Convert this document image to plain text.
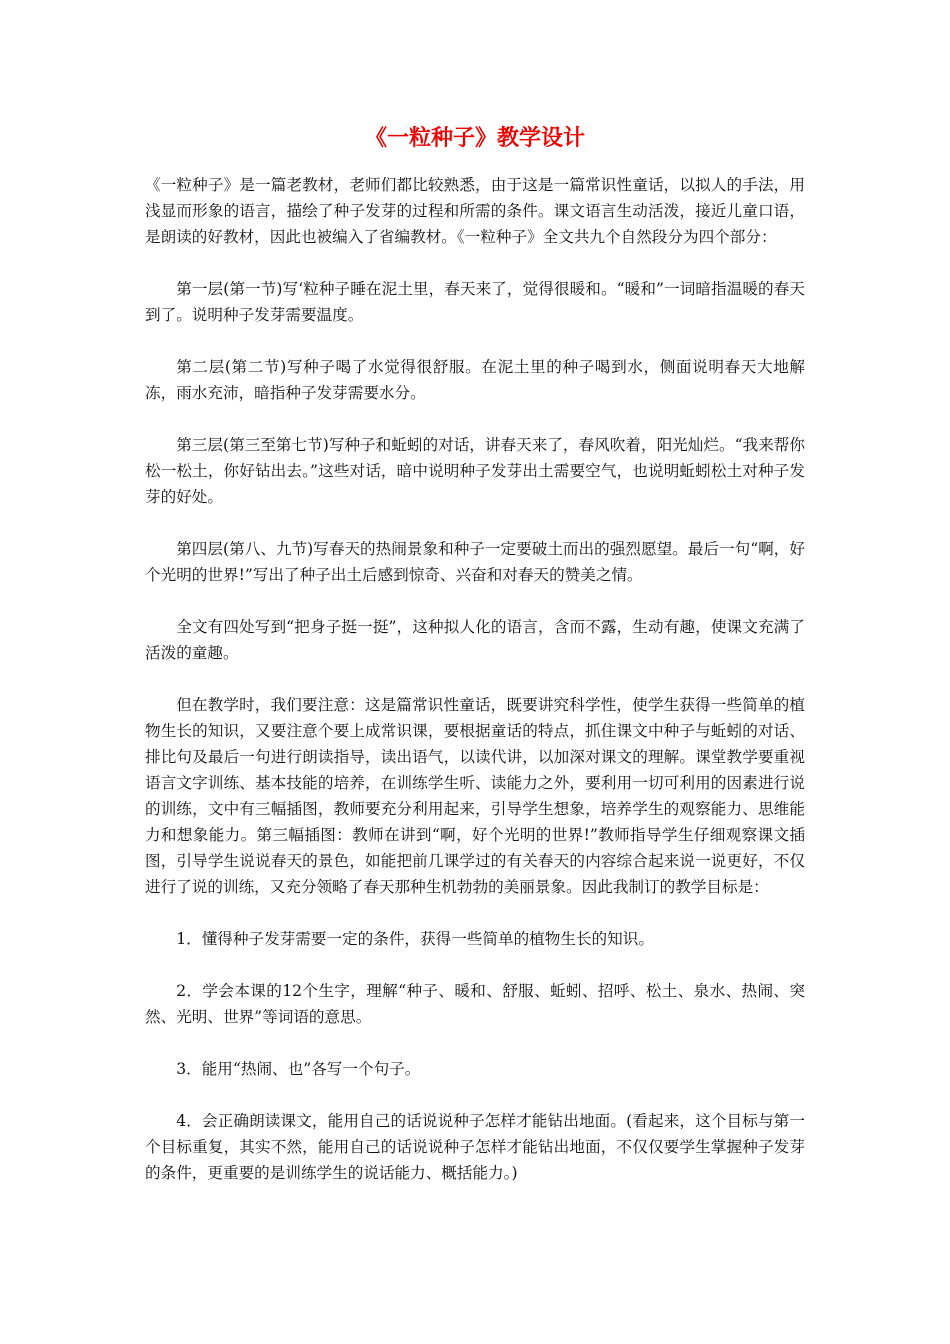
《一粒种子》教学设计

《一粒种子》是一篇老教材，老师们都比较熟悉，由于这是一篇常识性童话，以拟人的手法，用浅显而形象的语言，描绘了种子发芽的过程和所需的条件。课文语言生动活泼，接近儿童口语，是朗读的好教材，因此也被编入了省编教材。《一粒种子》全文共九个自然段分为四个部分：

第一层(第一节)写‘粒种子睡在泥土里，春天来了，觉得很暖和。“暖和”一词暗指温暖的春天到了。说明种子发芽需要温度。

第二层(第二节)写种子喝了水觉得很舒服。在泥土里的种子喝到水，侧面说明春天大地解冻，雨水充沛，暗指种子发芽需要水分。

第三层(第三至第七节)写种子和蚯蚓的对话，讲春天来了，春风吹着，阳光灿烂。“我来帮你松一松土，你好钻出去。”这些对话，暗中说明种子发芽出土需要空气，也说明蚯蚓松土对种子发芽的好处。

第四层(第八、九节)写春天的热闹景象和种子一定要破土而出的强烈愿望。最后一句“啊，好个光明的世界!”写出了种子出土后感到惊奇、兴奋和对春天的赞美之情。

全文有四处写到“把身子挺一挺”，这种拟人化的语言，含而不露，生动有趣，使课文充满了活泼的童趣。

但在教学时，我们要注意：这是篇常识性童话，既要讲究科学性，使学生获得一些简单的植物生长的知识，又要注意个要上成常识课，要根据童话的特点，抓住课文中种子与蚯蚓的对话、排比句及最后一句进行朗读指导，读出语气，以读代讲，以加深对课文的理解。课堂教学要重视语言文字训练、基本技能的培养，在训练学生听、读能力之外，要利用一切可利用的因素进行说的训练，文中有三幅插图，教师要充分利用起来，引导学生想象，培养学生的观察能力、思维能力和想象能力。第三幅插图：教师在讲到“啊，好个光明的世界!”教师指导学生仔细观察课文插图，引导学生说说春天的景色，如能把前几课学过的有关春天的内容综合起来说一说更好，不仅进行了说的训练，又充分领略了春天那种生机勃勃的美丽景象。因此我制订的教学目标是：

1．懂得种子发芽需要一定的条件，获得一些简单的植物生长的知识。

2．学会本课的12个生字，理解“种子、暖和、舒服、蚯蚓、招呼、松土、泉水、热闹、突然、光明、世界”等词语的意思。

3．能用“热闹、也”各写一个句子。

4．会正确朗读课文，能用自己的话说说种子怎样才能钻出地面。(看起来，这个目标与第一个目标重复，其实不然，能用自己的话说说种子怎样才能钻出地面，不仅仅要学生掌握种子发芽的条件，更重要的是训练学生的说话能力、概括能力。)
